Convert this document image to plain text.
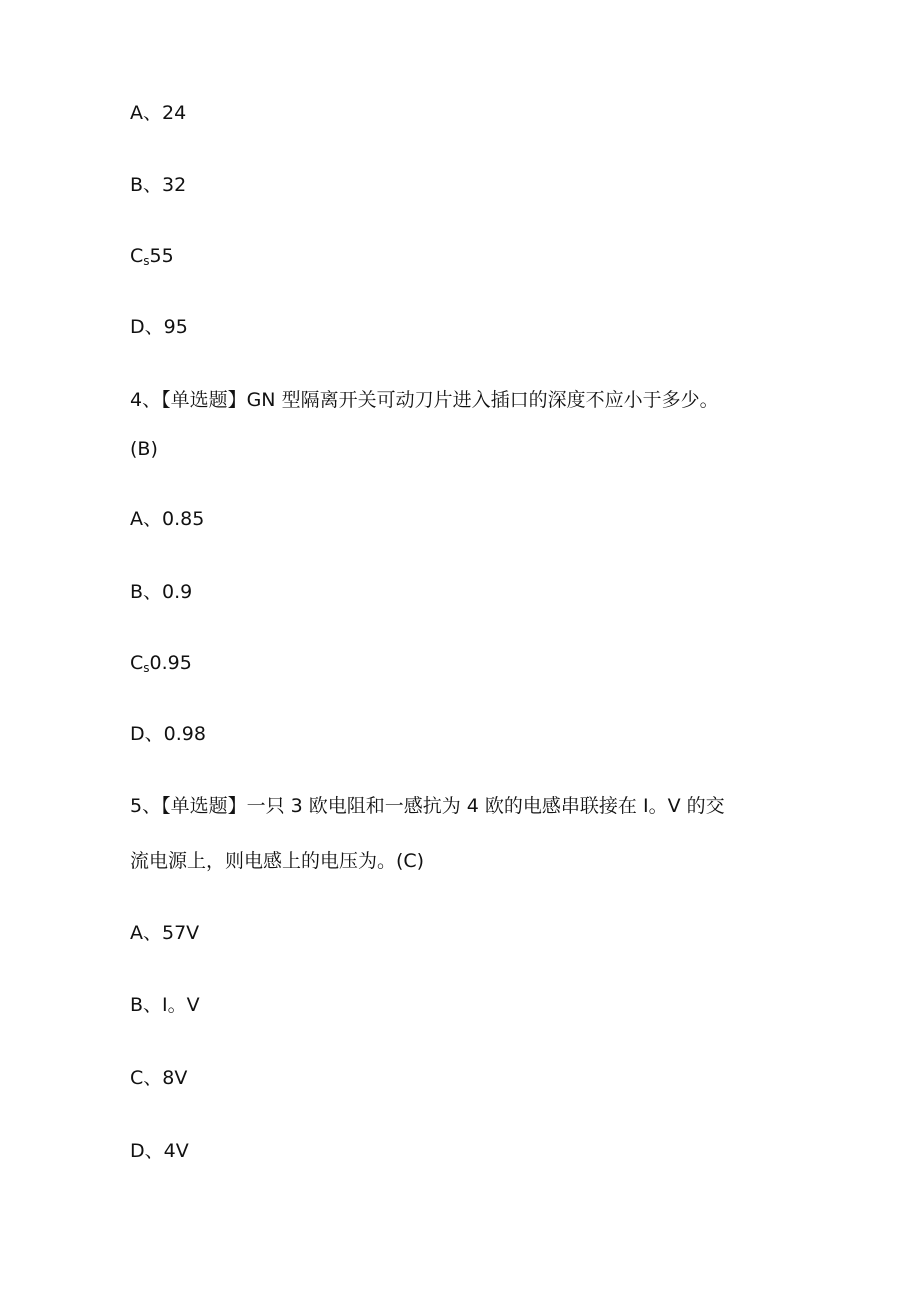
A、24
B、32
$C_s55$
D、95
4、【单选题】GN 型隔离开关可动刀片进入插口的深度不应小于多少。
(B)
A、0.85
B、0.9
$C_s0.95$
D、0.98
5、【单选题】一只 3 欧电阻和一感抗为 4 欧的电感串联接在 I。V 的交
流电源上，则电感上的电压为。(C)
A、57V
B、I。V
C、8V
D、4V
